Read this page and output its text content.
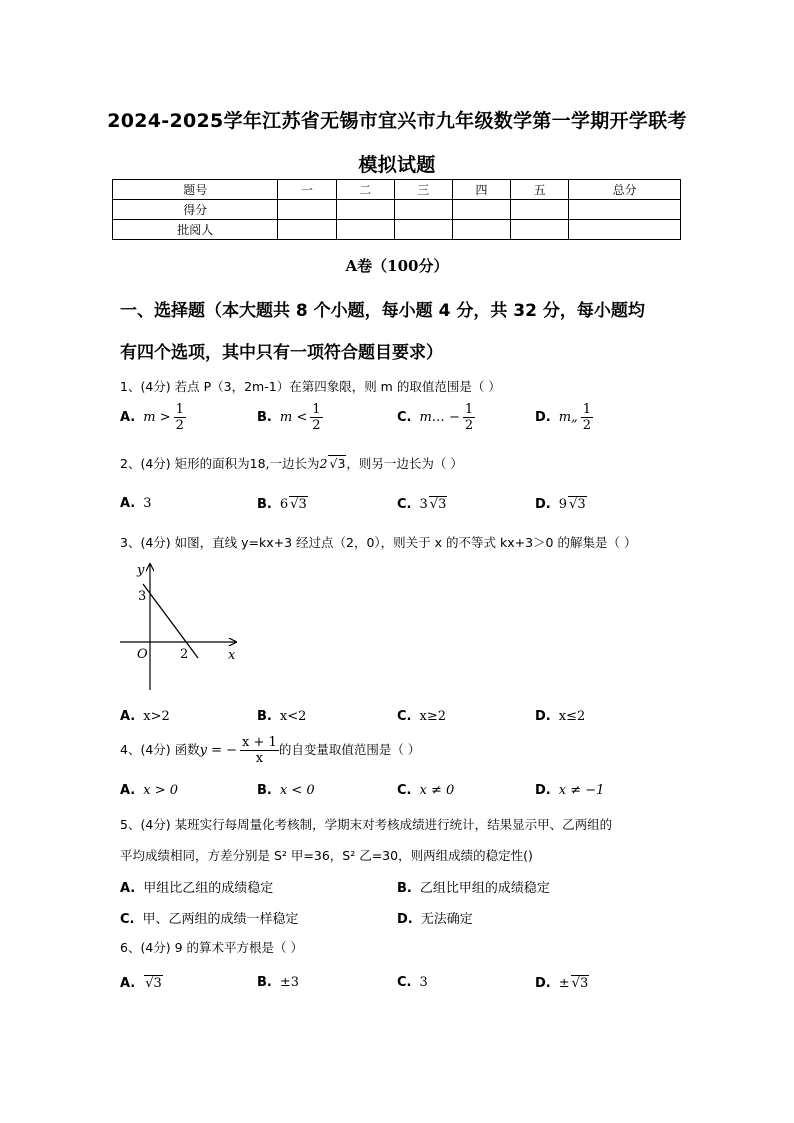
2024-2025学年江苏省无锡市宜兴市九年级数学第一学期开学联考
模拟试题
题号	一	二	三	四	五	总分
得分						
批阅人						
A卷（100分）
一、选择题（本大题共 8 个小题，每小题 4 分，共 32 分，每小题均
有四个选项，其中只有一项符合题目要求）
1、(4分) 若点 P（3，2m-1）在第四象限，则 m 的取值范围是（ ）
A. $m > \frac{1}{2}$	B. $m < \frac{1}{2}$	C. m… − $\frac{1}{2}$	D. m„ $\frac{1}{2}$
2、(4分) 矩形的面积为18,一边长为2 √3，则另一边长为（ ）
A. 3	B. 6 √3	C. 3 √3	D. 9 √3
3、(4分) 如图，直线 y=kx+3 经过点（2，0），则关于 x 的不等式 kx+3＞0 的解集是（ ）
y
x
O
3
2
A. x>2	B. x<2	C. x≥2	D. x≤2
4、(4分) 函数y = − $\frac{x + 1}{x}$ 的自变量取值范围是（ ）
A. x > 0	B. x < 0	C. x ≠ 0	D. x ≠ −1
5、(4分) 某班实行每周量化考核制，学期末对考核成绩进行统计，结果显示甲、乙两组的
平均成绩相同，方差分别是 S² 甲=36，S² 乙=30，则两组成绩的稳定性()
A. 甲组比乙组的成绩稳定	B. 乙组比甲组的成绩稳定
C. 甲、乙两组的成绩一样稳定	D. 无法确定
6、(4分) 9 的算术平方根是（ ）
A. √3	B. ±3	C. 3	D. ± √3
